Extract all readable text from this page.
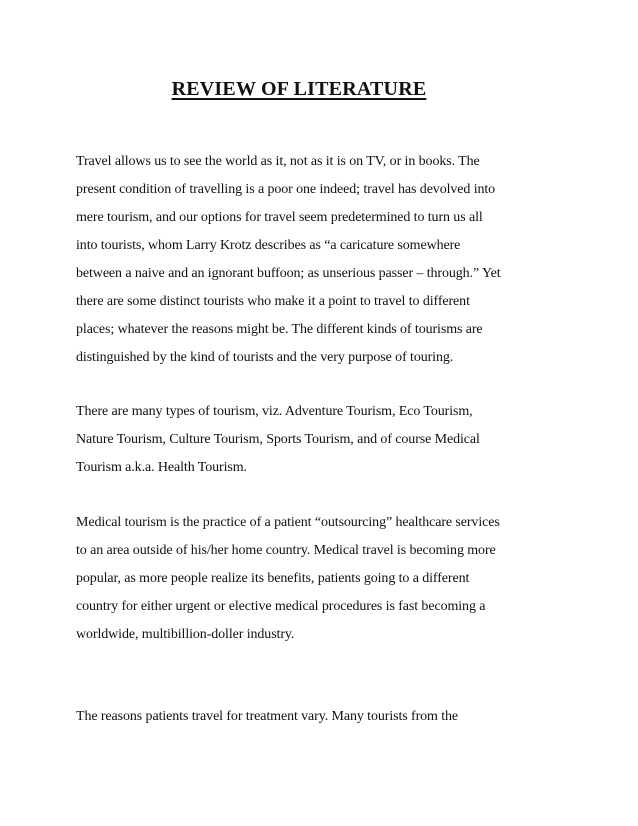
REVIEW OF LITERATURE

Travel allows us to see the world as it, not as it is on TV, or in books. The
present condition of travelling is a poor one indeed; travel has devolved into
mere tourism, and our options for travel seem predetermined to turn us all
into tourists, whom Larry Krotz describes as “a caricature somewhere
between a naive and an ignorant buffoon; as unserious passer – through.” Yet
there are some distinct tourists who make it a point to travel to different
places; whatever the reasons might be. The different kinds of tourisms are
distinguished by the kind of tourists and the very purpose of touring.

There are many types of tourism, viz. Adventure Tourism, Eco Tourism,
Nature Tourism, Culture Tourism, Sports Tourism, and of course Medical
Tourism a.k.a. Health Tourism.

Medical tourism is the practice of a patient “outsourcing” healthcare services
to an area outside of his/her home country. Medical travel is becoming more
popular, as more people realize its benefits, patients going to a different
country for either urgent or elective medical procedures is fast becoming a
worldwide, multibillion-doller industry.

The reasons patients travel for treatment vary. Many tourists from the
